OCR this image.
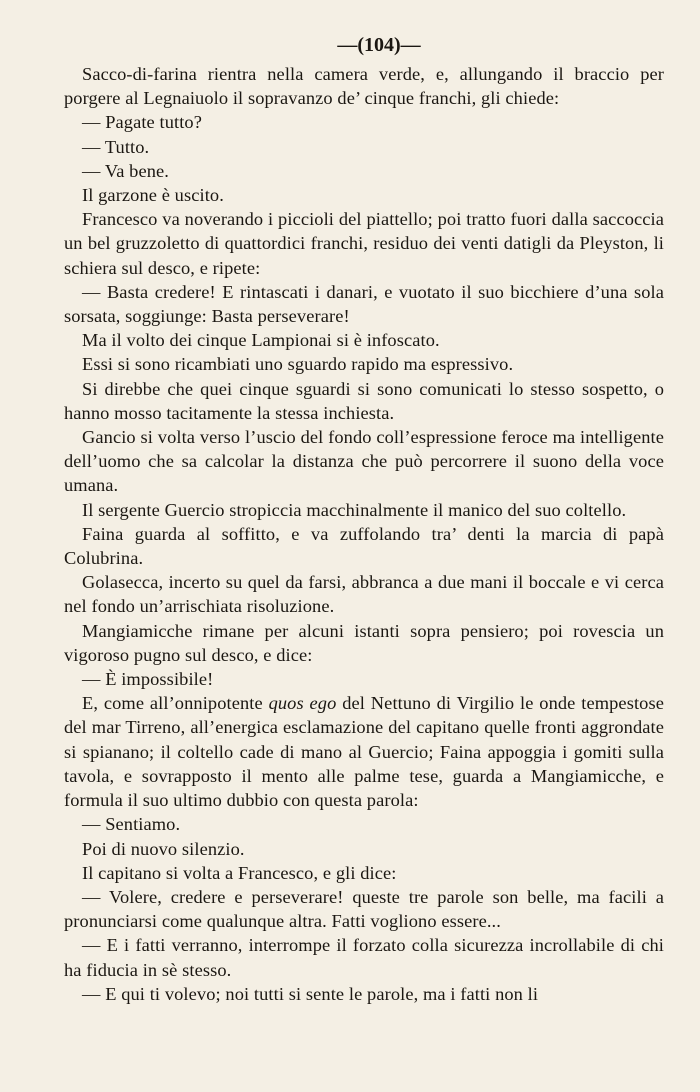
—(104)—

Sacco-di-farina rientra nella camera verde, e, allungando il braccio per porgere al Legnaiuolo il sopravanzo de’ cinque franchi, gli chiede:

— Pagate tutto?

— Tutto.

— Va bene.

Il garzone è uscito.

Francesco va noverando i piccioli del piattello; poi tratto fuori dalla saccoccia un bel gruzzoletto di quattordici franchi, residuo dei venti datigli da Pleyston, li schiera sul desco, e ripete:

— Basta credere! E rintascati i danari, e vuotato il suo bicchiere d’una sola sorsata, soggiunge: Basta perseverare!

Ma il volto dei cinque Lampionai si è infoscato.

Essi si sono ricambiati uno sguardo rapido ma espressivo.

Si direbbe che quei cinque sguardi si sono comunicati lo stesso sospetto, o hanno mosso tacitamente la stessa inchiesta.

Gancio si volta verso l’uscio del fondo coll’espressione feroce ma intelligente dell’uomo che sa calcolar la distanza che può percorrere il suono della voce umana.

Il sergente Guercio stropiccia macchinalmente il manico del suo coltello.

Faina guarda al soffitto, e va zuffolando tra’ denti la marcia di papà Colubrina.

Golasecca, incerto su quel da farsi, abbranca a due mani il boccale e vi cerca nel fondo un’arrischiata risoluzione.

Mangiamicche rimane per alcuni istanti sopra pensiero; poi rovescia un vigoroso pugno sul desco, e dice:

— È impossibile!

E, come all’onnipotente quos ego del Nettuno di Virgilio le onde tempestose del mar Tirreno, all’energica esclamazione del capitano quelle fronti aggrondate si spianano; il coltello cade di mano al Guercio; Faina appoggia i gomiti sulla tavola, e sovrapposto il mento alle palme tese, guarda a Mangiamicche, e formula il suo ultimo dubbio con questa parola:

— Sentiamo.

Poi di nuovo silenzio.

Il capitano si volta a Francesco, e gli dice:

— Volere, credere e perseverare! queste tre parole son belle, ma facili a pronunciarsi come qualunque altra. Fatti vogliono essere...

— E i fatti verranno, interrompe il forzato colla sicurezza incrollabile di chi ha fiducia in sè stesso.

— E qui ti volevo; noi tutti si sente le parole, ma i fatti non li
